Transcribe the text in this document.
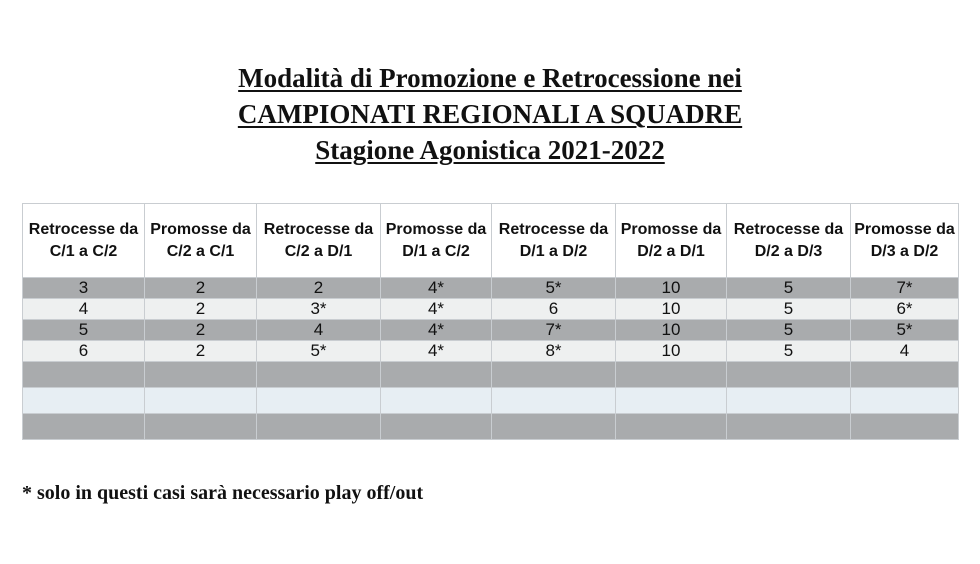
Modalità di Promozione e Retrocessione nei
CAMPIONATI REGIONALI A SQUADRE
Stagione Agonistica 2021-2022
Retrocesse da C/1 a C/2	Promosse da C/2 a C/1	Retrocesse da C/2 a D/1	Promosse da D/1 a C/2	Retrocesse da D/1 a D/2	Promosse da D/2 a D/1	Retrocesse da D/2 a D/3	Promosse da D/3 a D/2
3	2	2	4*	5*	10	5	7*
4	2	3*	4*	6	10	5	6*
5	2	4	4*	7*	10	5	5*
6	2	5*	4*	8*	10	5	4

* solo in questi casi sarà necessario play off/out
